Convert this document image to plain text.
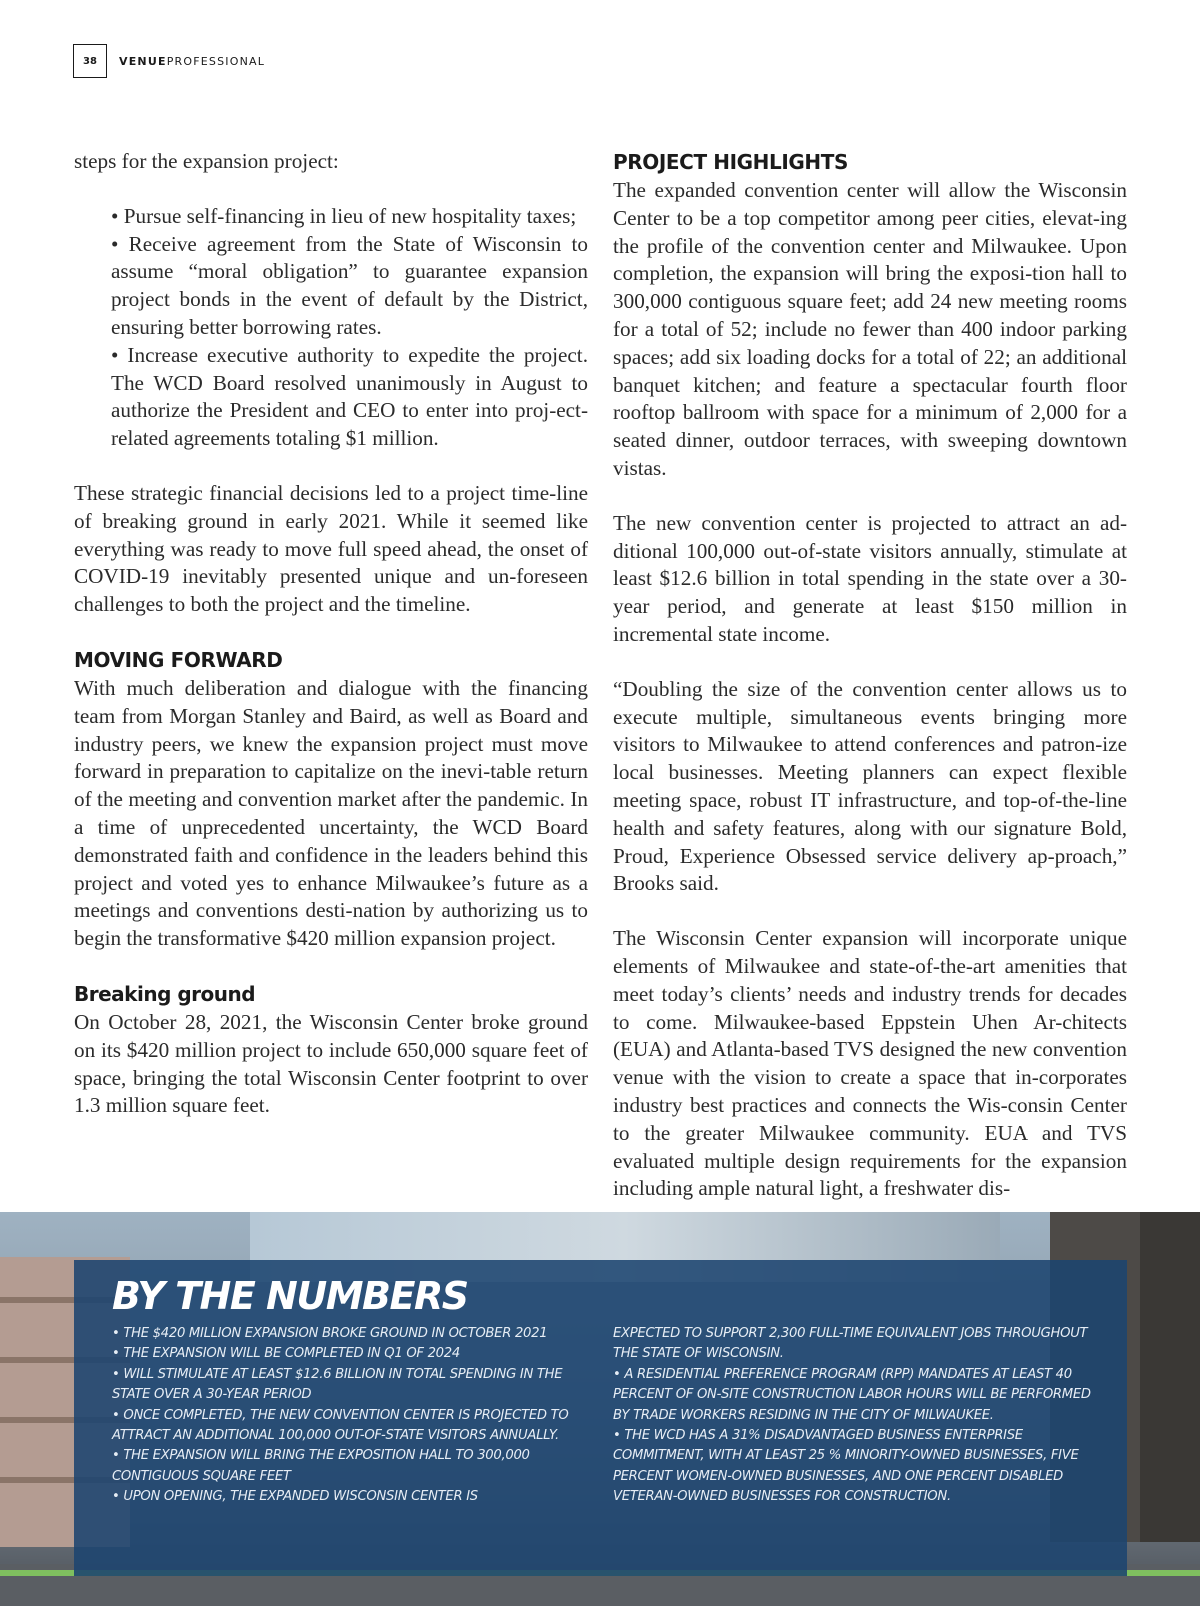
38	VENUEPROFESSIONAL

steps for the expansion project:

• Pursue self-financing in lieu of new hospitality taxes;

• Receive agreement from the State of Wisconsin to assume “moral obligation” to guarantee expansion project bonds in the event of default by the District, ensuring better borrowing rates.

• Increase executive authority to expedite the project. The WCD Board resolved unanimously in August to authorize the President and CEO to enter into proj-ect-related agreements totaling $1 million.

These strategic financial decisions led to a project time-line of breaking ground in early 2021. While it seemed like everything was ready to move full speed ahead, the onset of COVID-19 inevitably presented unique and un-foreseen challenges to both the project and the timeline.

MOVING FORWARD

With much deliberation and dialogue with the financing team from Morgan Stanley and Baird, as well as Board and industry peers, we knew the expansion project must move forward in preparation to capitalize on the inevi-table return of the meeting and convention market after the pandemic. In a time of unprecedented uncertainty, the WCD Board demonstrated faith and confidence in the leaders behind this project and voted yes to enhance Milwaukee’s future as a meetings and conventions desti-nation by authorizing us to begin the transformative $420 million expansion project.

Breaking ground

On October 28, 2021, the Wisconsin Center broke ground on its $420 million project to include 650,000 square feet of space, bringing the total Wisconsin Center footprint to over 1.3 million square feet.

PROJECT HIGHLIGHTS

The expanded convention center will allow the Wisconsin Center to be a top competitor among peer cities, elevat-ing the profile of the convention center and Milwaukee. Upon completion, the expansion will bring the exposi-tion hall to 300,000 contiguous square feet; add 24 new meeting rooms for a total of 52; include no fewer than 400 indoor parking spaces; add six loading docks for a total of 22; an additional banquet kitchen; and feature a spectacular fourth floor rooftop ballroom with space for a minimum of 2,000 for a seated dinner, outdoor terraces, with sweeping downtown vistas.

The new convention center is projected to attract an ad-ditional 100,000 out-of-state visitors annually, stimulate at least $12.6 billion in total spending in the state over a 30-year period, and generate at least $150 million in incremental state income.

“Doubling the size of the convention center allows us to execute multiple, simultaneous events bringing more visitors to Milwaukee to attend conferences and patron-ize local businesses. Meeting planners can expect flexible meeting space, robust IT infrastructure, and top-of-the-line health and safety features, along with our signature Bold, Proud, Experience Obsessed service delivery ap-proach,” Brooks said.

The Wisconsin Center expansion will incorporate unique elements of Milwaukee and state-of-the-art amenities that meet today’s clients’ needs and industry trends for decades to come. Milwaukee-based Eppstein Uhen Ar-chitects (EUA) and Atlanta-based TVS designed the new convention venue with the vision to create a space that in-corporates industry best practices and connects the Wis-consin Center to the greater Milwaukee community. EUA and TVS evaluated multiple design requirements for the expansion including ample natural light, a freshwater dis-

BY THE NUMBERS
• THE $420 MILLION EXPANSION BROKE GROUND IN OCTOBER 2021
• THE EXPANSION WILL BE COMPLETED IN Q1 OF 2024
• WILL STIMULATE AT LEAST $12.6 BILLION IN TOTAL SPENDING IN THE STATE OVER A 30-YEAR PERIOD
• ONCE COMPLETED, THE NEW CONVENTION CENTER IS PROJECTED TO ATTRACT AN ADDITIONAL 100,000 OUT-OF-STATE VISITORS ANNUALLY.
• THE EXPANSION WILL BRING THE EXPOSITION HALL TO 300,000 CONTIGUOUS SQUARE FEET
• UPON OPENING, THE EXPANDED WISCONSIN CENTER IS
EXPECTED TO SUPPORT 2,300 FULL-TIME EQUIVALENT JOBS THROUGHOUT THE STATE OF WISCONSIN.
• A RESIDENTIAL PREFERENCE PROGRAM (RPP) MANDATES AT LEAST 40 PERCENT OF ON-SITE CONSTRUCTION LABOR HOURS WILL BE PERFORMED BY TRADE WORKERS RESIDING IN THE CITY OF MILWAUKEE.
• THE WCD HAS A 31% DISADVANTAGED BUSINESS ENTERPRISE COMMITMENT, WITH AT LEAST 25 % MINORITY-OWNED BUSINESSES, FIVE PERCENT WOMEN-OWNED BUSINESSES, AND ONE PERCENT DISABLED VETERAN-OWNED BUSINESSES FOR CONSTRUCTION.
